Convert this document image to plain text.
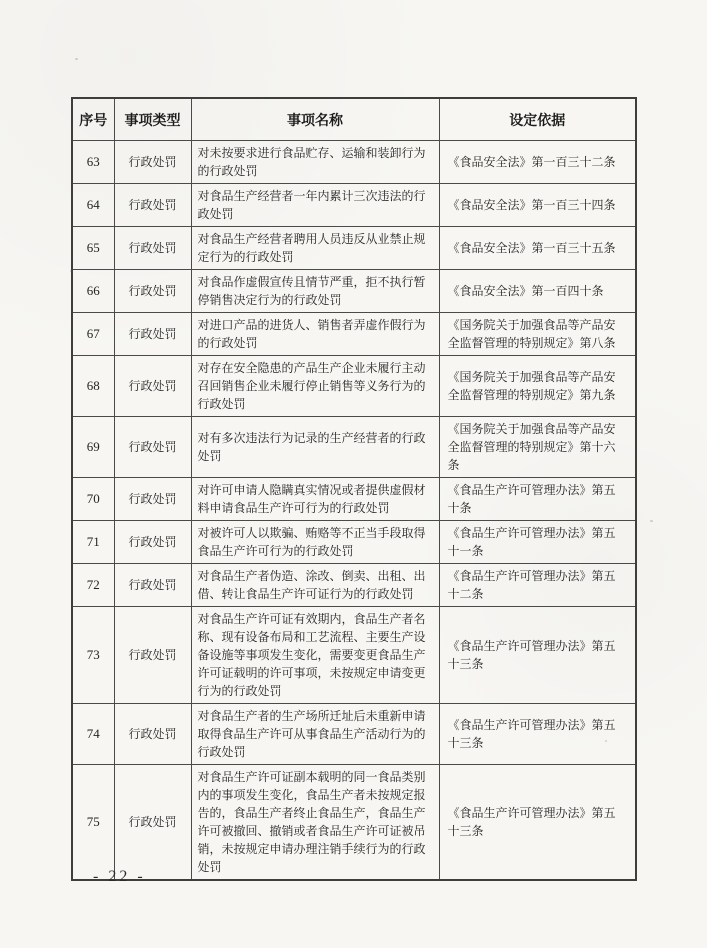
序号	事项类型	事项名称	设定依据
63	行政处罚	对未按要求进行食品贮存、运输和装卸行为的行政处罚	《食品安全法》第一百三十二条
64	行政处罚	对食品生产经营者一年内累计三次违法的行政处罚	《食品安全法》第一百三十四条
65	行政处罚	对食品生产经营者聘用人员违反从业禁止规定行为的行政处罚	《食品安全法》第一百三十五条
66	行政处罚	对食品作虚假宣传且情节严重，拒不执行暂停销售决定行为的行政处罚	《食品安全法》第一百四十条
67	行政处罚	对进口产品的进货人、销售者弄虚作假行为的行政处罚	《国务院关于加强食品等产品安全监督管理的特别规定》第八条
68	行政处罚	对存在安全隐患的产品生产企业未履行主动召回销售企业未履行停止销售等义务行为的行政处罚	《国务院关于加强食品等产品安全监督管理的特别规定》第九条
69	行政处罚	对有多次违法行为记录的生产经营者的行政处罚	《国务院关于加强食品等产品安全监督管理的特别规定》第十六条
70	行政处罚	对许可申请人隐瞒真实情况或者提供虚假材料申请食品生产许可行为的行政处罚	《食品生产许可管理办法》第五十条
71	行政处罚	对被许可人以欺骗、贿赂等不正当手段取得食品生产许可行为的行政处罚	《食品生产许可管理办法》第五十一条
72	行政处罚	对食品生产者伪造、涂改、倒卖、出租、出借、转让食品生产许可证行为的行政处罚	《食品生产许可管理办法》第五十二条
73	行政处罚	对食品生产许可证有效期内，食品生产者名称、现有设备布局和工艺流程、主要生产设备设施等事项发生变化，需要变更食品生产许可证载明的许可事项，未按规定申请变更行为的行政处罚	《食品生产许可管理办法》第五十三条
74	行政处罚	对食品生产者的生产场所迁址后未重新申请取得食品生产许可从事食品生产活动行为的行政处罚	《食品生产许可管理办法》第五十三条
75	行政处罚	对食品生产许可证副本载明的同一食品类别内的事项发生变化，食品生产者未按规定报告的，食品生产者终止食品生产，食品生产许可被撤回、撤销或者食品生产许可证被吊销，未按规定申请办理注销手续行为的行政处罚	《食品生产许可管理办法》第五十三条
- 22 -
